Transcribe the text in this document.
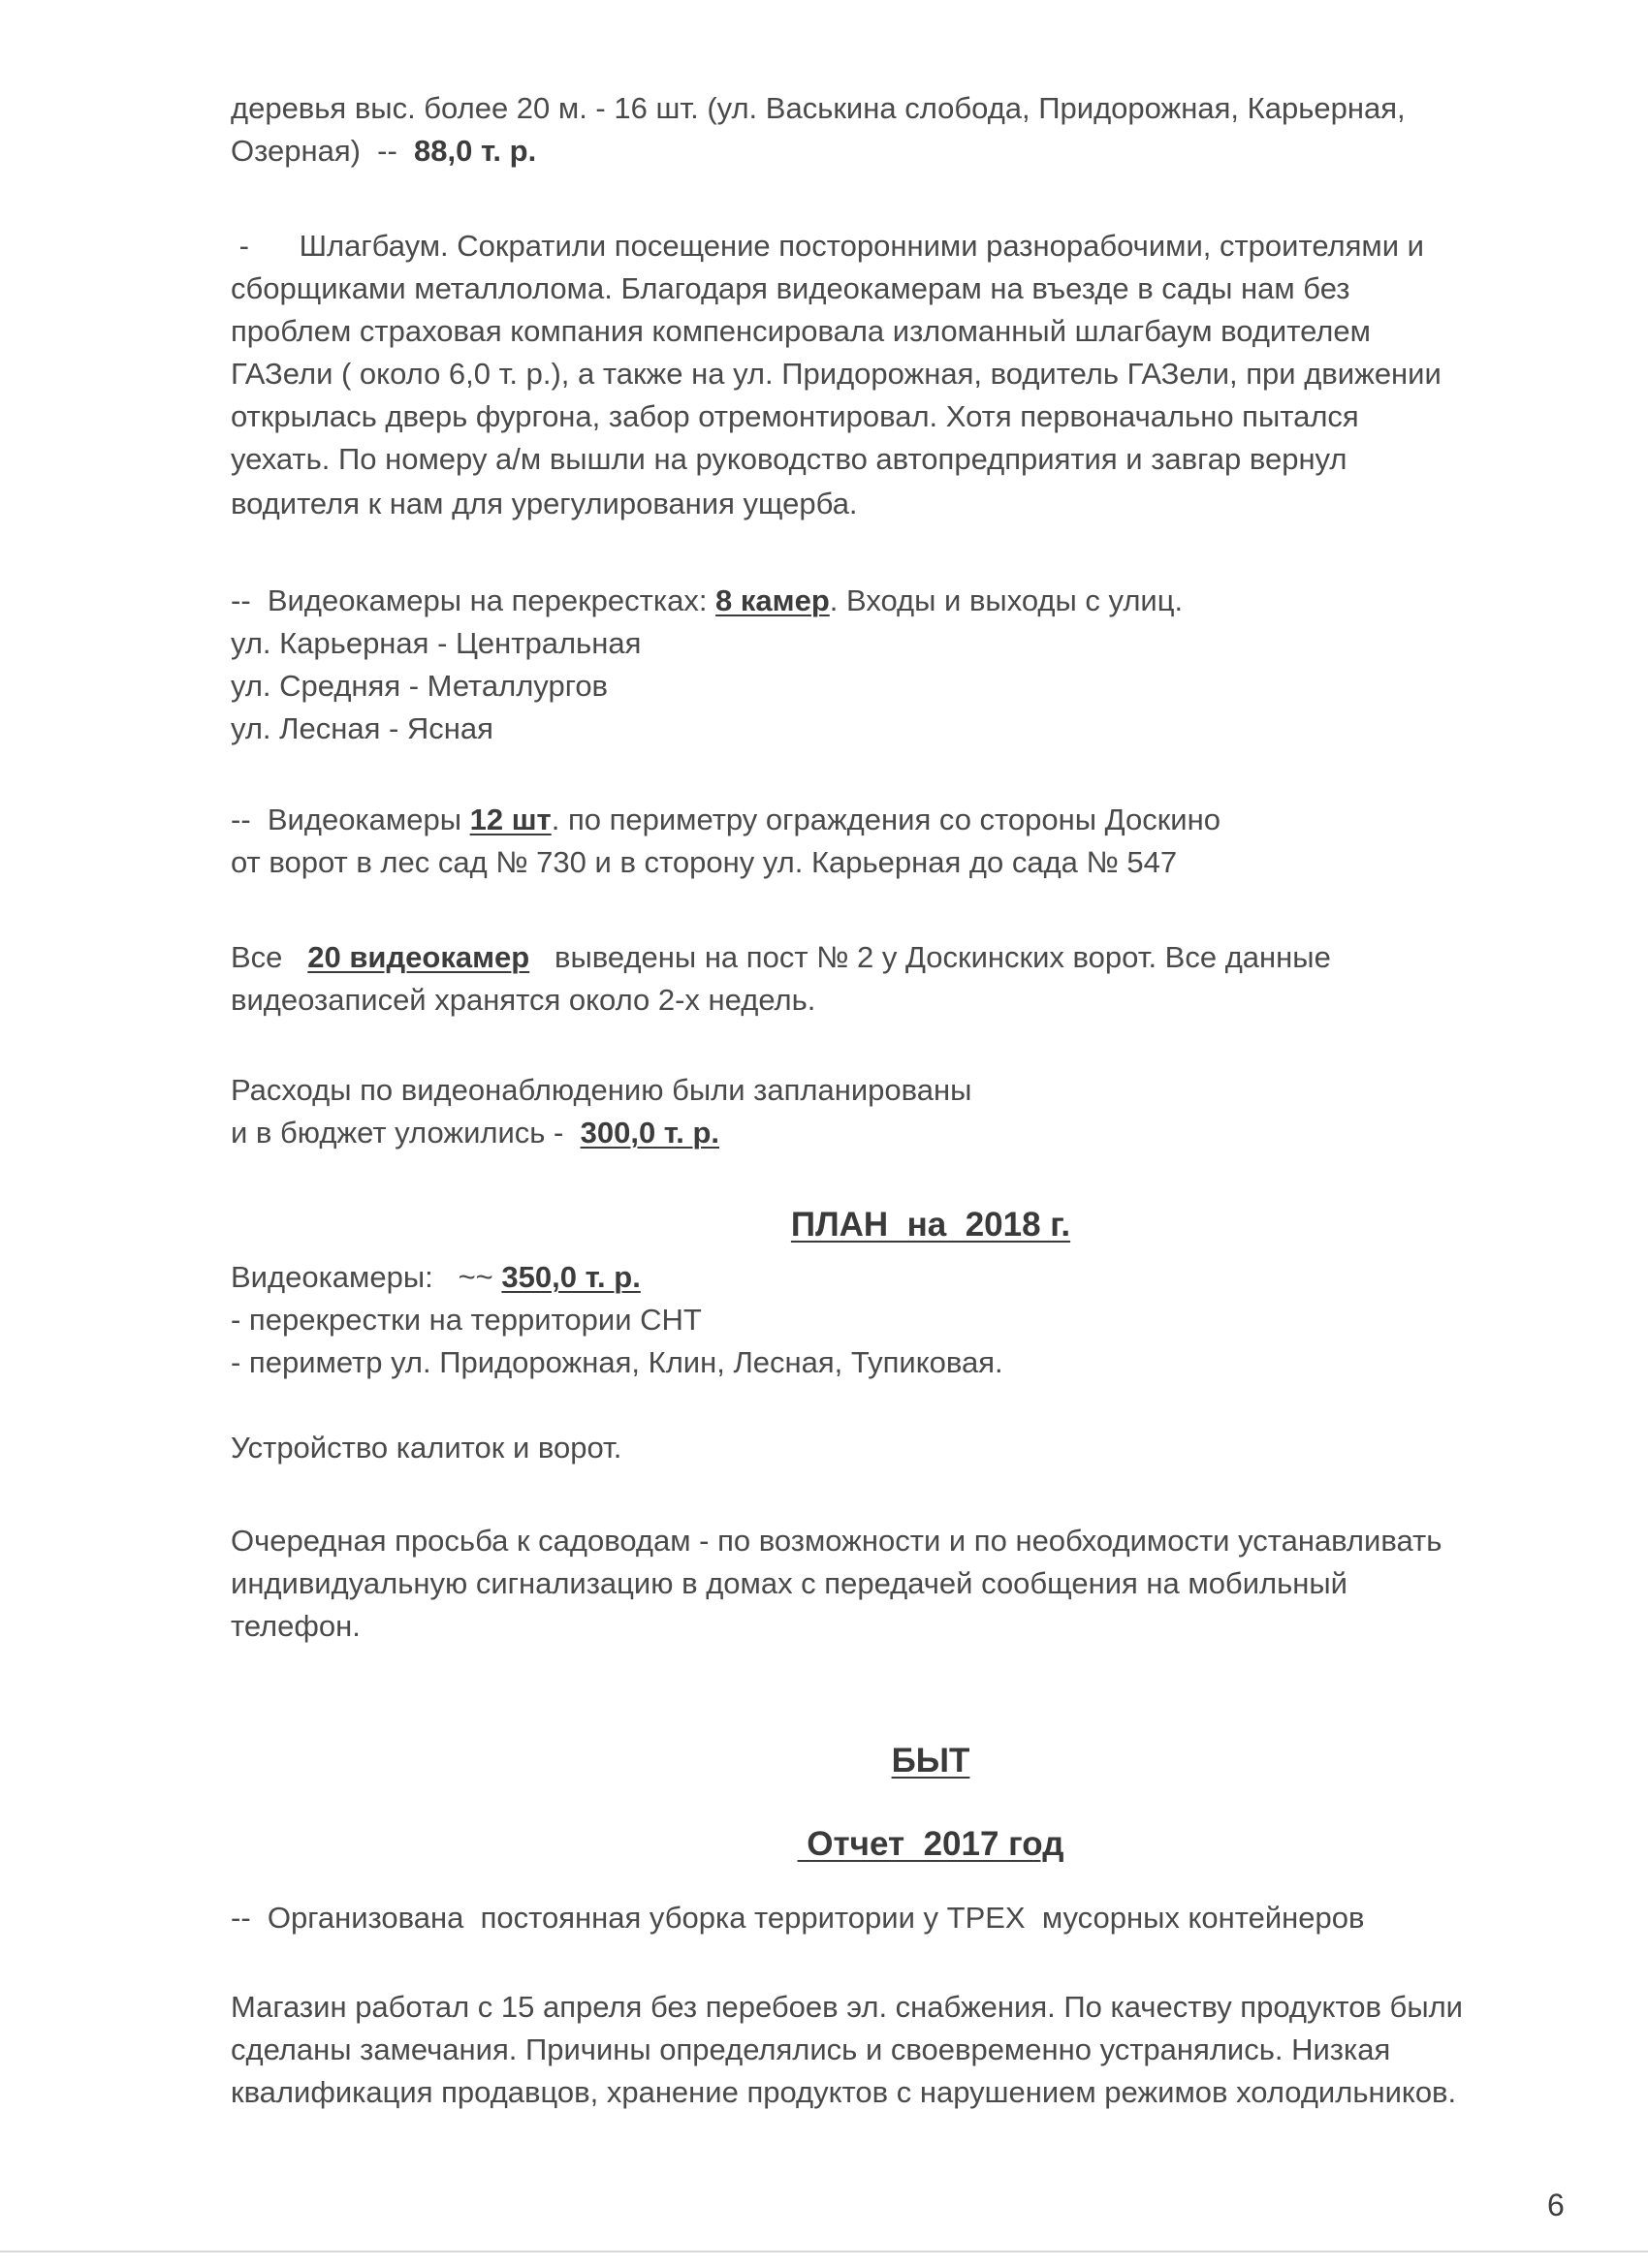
деревья выс. более 20 м. - 16 шт. (ул. Васькина слобода, Придорожная, Карьерная,
Озерная)  --  88,0 т. р.
-      Шлагбаум. Сократили посещение посторонними разнорабочими, строителями и
сборщиками металлолома. Благодаря видеокамерам на въезде в сады нам без
проблем страховая компания компенсировала изломанный шлагбаум водителем
ГАЗели ( около 6,0 т. р.), а также на ул. Придорожная, водитель ГАЗели, при движении
открылась дверь фургона, забор отремонтировал. Хотя первоначально пытался
уехать. По номеру а/м вышли на руководство автопредприятия и завгар вернул
водителя к нам для урегулирования ущерба.
--  Видеокамеры на перекрестках: 8 камер. Входы и выходы с улиц.
ул. Карьерная - Центральная
ул. Средняя - Металлургов
ул. Лесная - Ясная
--  Видеокамеры 12 шт. по периметру ограждения со стороны Доскино
от ворот в лес сад № 730 и в сторону ул. Карьерная до сада № 547
Все   20 видеокамер   выведены на пост № 2 у Доскинских ворот. Все данные
видеозаписей хранятся около 2-х недель.
Расходы по видеонаблюдению были запланированы
и в бюджет уложились -  300,0 т. р.
ПЛАН  на  2018 г.
Видеокамеры:   ~~ 350,0 т. р.
- перекрестки на территории СНТ
- периметр ул. Придорожная, Клин, Лесная, Тупиковая.
Устройство калиток и ворот.
Очередная просьба к садоводам - по возможности и по необходимости устанавливать
индивидуальную сигнализацию в домах с передачей сообщения на мобильный
телефон.
БЫТ
Отчет  2017 год
--  Организована  постоянная уборка территории у ТРЕХ  мусорных контейнеров
Магазин работал с 15 апреля без перебоев эл. снабжения. По качеству продуктов были
сделаны замечания. Причины определялись и своевременно устранялись. Низкая
квалификация продавцов, хранение продуктов с нарушением режимов холодильников.
6
